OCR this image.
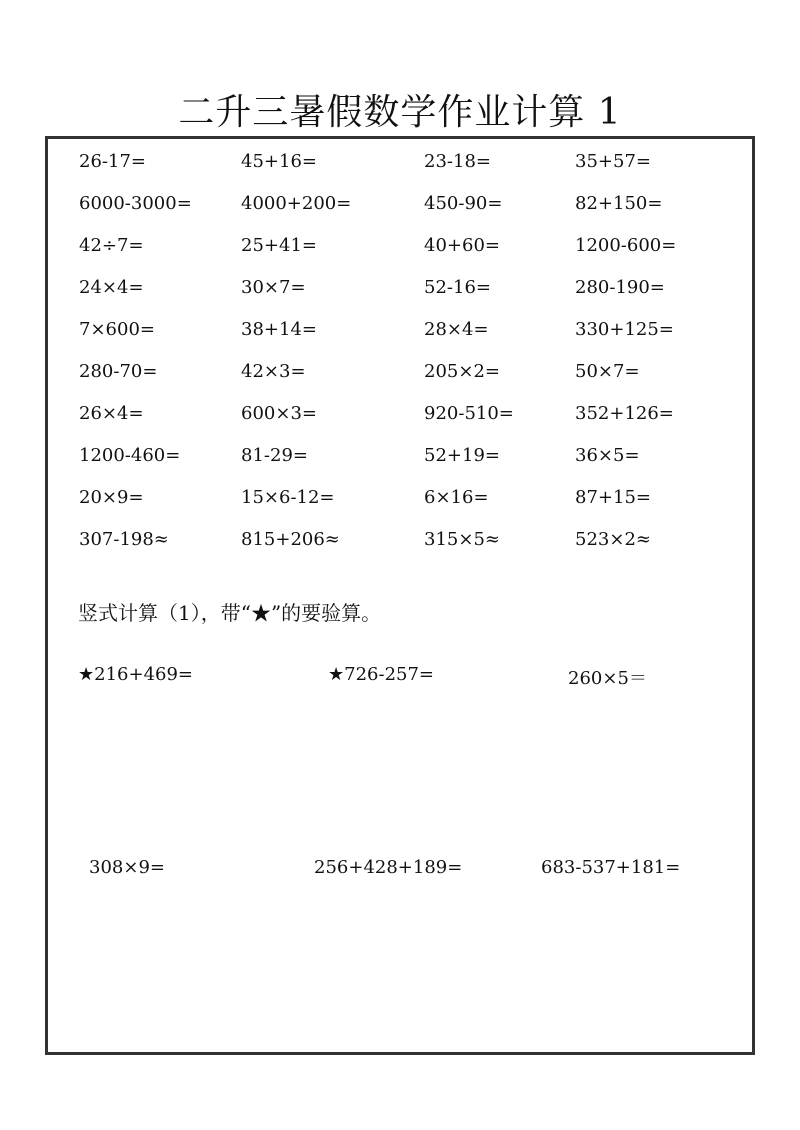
二升三暑假数学作业计算 1
26-17=	45+16=	23-18=	35+57=
6000-3000=	4000+200=	450-90=	82+150=
42÷7=	25+41=	40+60=	1200-600=
24×4=	30×7=	52-16=	280-190=
7×600=	38+14=	28×4=	330+125=
280-70=	42×3=	205×2=	50×7=
26×4=	600×3=	920-510=	352+126=
1200-460=	81-29=	52+19=	36×5=
20×9=	15×6-12=	6×16=	87+15=
307-198≈	815+206≈	315×5≈	523×2≈
竖式计算（1），带“★”的要验算。
★216+469=	★726-257=	260×5＝
308×9=	256+428+189=	683-537+181=
